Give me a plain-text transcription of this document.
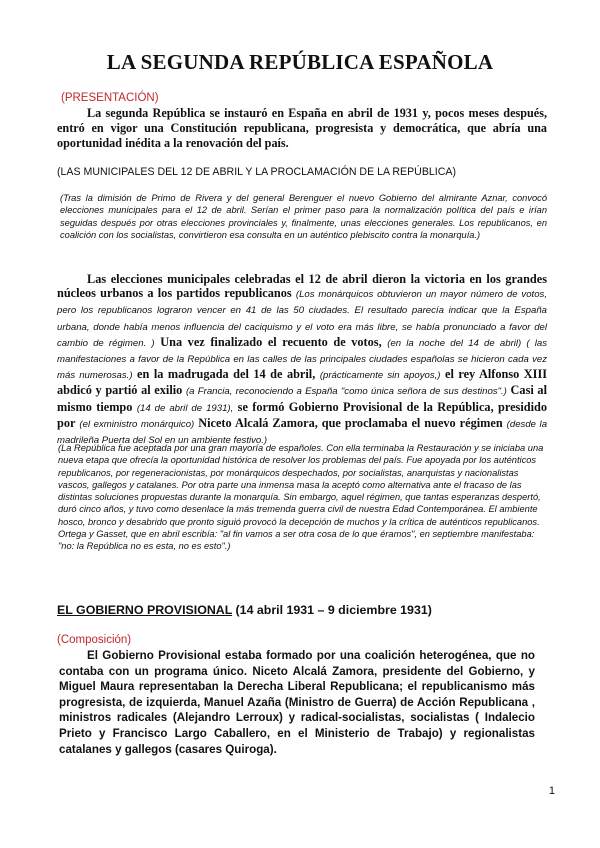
LA SEGUNDA REPÚBLICA ESPAÑOLA
(PRESENTACIÓN)
La segunda República se instauró en España en abril de 1931 y, pocos meses después, entró en vigor una Constitución republicana, progresista y democrática, que abría una oportunidad inédita a la renovación del país.
(LAS MUNICIPALES DEL 12 DE ABRIL Y LA PROCLAMACIÓN DE LA REPÚBLICA)
(Tras la dimisión de Primo de Rivera y del general Berenguer el nuevo Gobierno del almirante Aznar, convocó elecciones municipales para el 12 de abril. Serían el primer paso para la normalización política del país e irían seguidas después por otras elecciones provinciales y, finalmente, unas elecciones generales. Los republicanos, en coalición con los socialistas, convirtieron esa consulta en un auténtico plebiscito contra la monarquía.)
Las elecciones municipales celebradas el 12 de abril dieron la victoria en los grandes núcleos urbanos a los partidos republicanos (Los monárquicos obtuvieron un mayor número de votos, pero los republicanos lograron vencer en 41 de las 50 ciudades. El resultado parecía indicar que la España urbana, donde había menos influencia del caciquismo y el voto era más libre, se había pronunciado a favor del cambio de régimen. ) Una vez finalizado el recuento de votos, (en la noche del 14 de abril) ( las manifestaciones a favor de la República en las calles de las principales ciudades españolas se hicieron cada vez más numerosas.) en la madrugada del 14 de abril, (prácticamente sin apoyos,) el rey Alfonso XIII abdicó y partió al exilio (a Francia, reconociendo a España "como única señora de sus destinos".) Casi al mismo tiempo (14 de abril de 1931), se formó Gobierno Provisional de la República, presidido por (el exministro monárquico) Niceto Alcalá Zamora, que proclamaba el nuevo régimen (desde la madrileña Puerta del Sol en un ambiente festivo.)
(La República fue aceptada por una gran mayoría de españoles. Con ella terminaba la Restauración y se iniciaba una nueva etapa que ofrecía la oportunidad histórica de resolver los problemas del país. Fue apoyada por los auténticos republicanos, por regeneracionistas, por monárquicos despechados, por socialistas, anarquistas y nacionalistas vascos, gallegos y catalanes. Por otra parte una inmensa masa la aceptó como alternativa ante el fracaso de las distintas soluciones propuestas durante la monarquía. Sin embargo, aquel régimen, que tantas esperanzas despertó, duró cinco años, y tuvo como desenlace la más tremenda guerra civil de nuestra Edad Contemporánea. El ambiente hosco, bronco y desabrido que pronto siguió provocó la decepción de muchos y la crítica de auténticos republicanos. Ortega y Gasset, que en abril escribía: "al fin vamos a ser otra cosa de lo que éramos", en septiembre manifestaba: "no: la República no es esta, no es esto".)
EL GOBIERNO PROVISIONAL (14 abril 1931 – 9 diciembre 1931)
(Composición)
El Gobierno Provisional estaba formado por una coalición heterogénea, que no contaba con un programa único. Niceto Alcalá Zamora, presidente del Gobierno, y Miguel Maura representaban la Derecha Liberal Republicana; el republicanismo más progresista, de izquierda, Manuel Azaña (Ministro de Guerra) de Acción Republicana , ministros radicales (Alejandro Lerroux) y radical-socialistas, socialistas ( Indalecio Prieto y Francisco Largo Caballero, en el Ministerio de Trabajo) y regionalistas catalanes y gallegos (casares Quiroga).
1
